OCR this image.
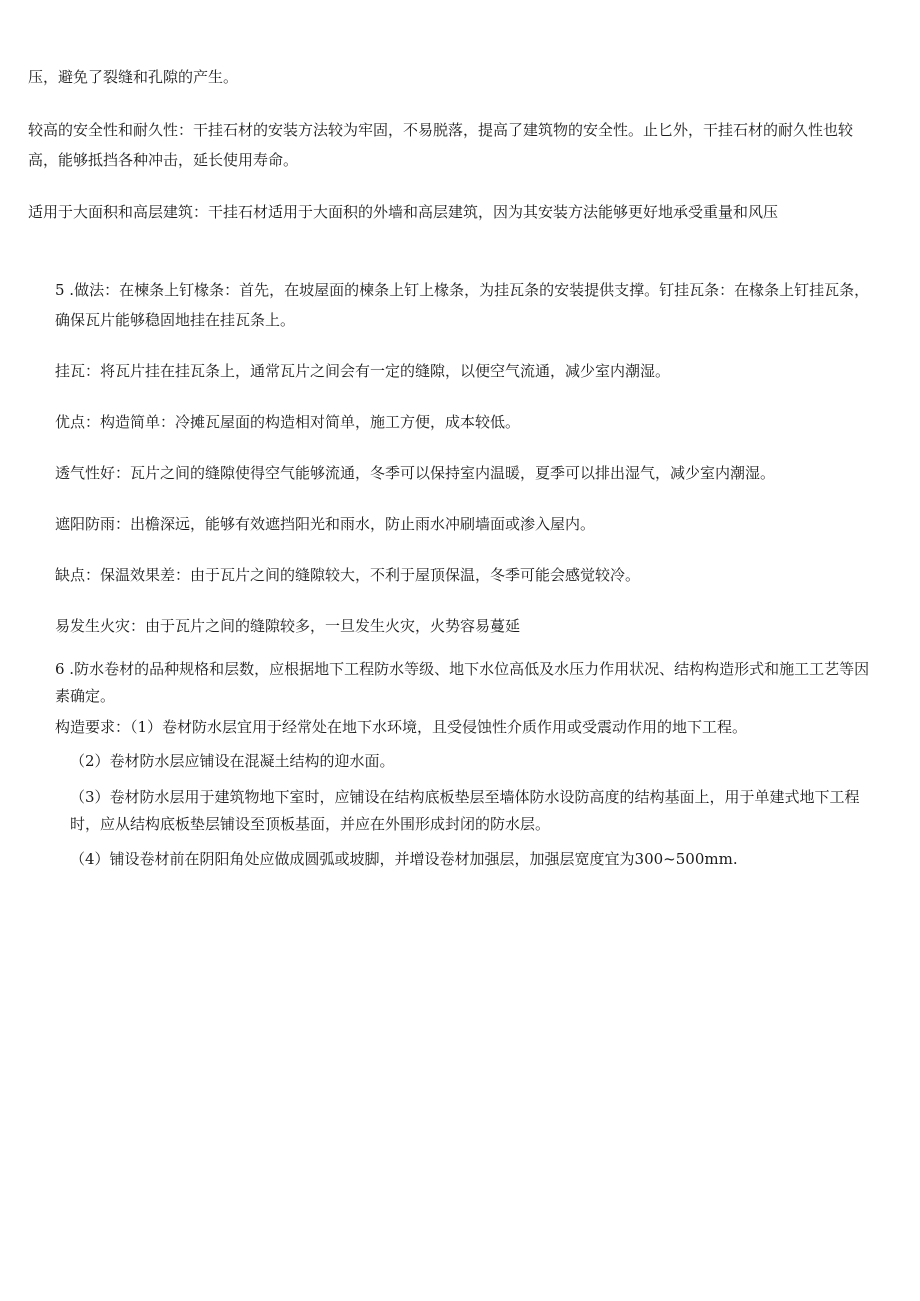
压，避免了裂缝和孔隙的产生。

较高的安全性和耐久性：干挂石材的安装方法较为牢固，不易脱落，提高了建筑物的安全性。止匕外，干挂石材的耐久性也较高，能够抵挡各种冲击，延长使用寿命。

适用于大面积和高层建筑：干挂石材适用于大面积的外墙和高层建筑，因为其安装方法能够更好地承受重量和风压

5 .做法：在楝条上钉椽条：首先，在坡屋面的楝条上钉上椽条，为挂瓦条的安装提供支撑。钉挂瓦条：在椽条上钉挂瓦条，确保瓦片能够稳固地挂在挂瓦条上。

挂瓦：将瓦片挂在挂瓦条上，通常瓦片之间会有一定的缝隙，以便空气流通，减少室内潮湿。

优点：构造简单：冷摊瓦屋面的构造相对简单，施工方便，成本较低。

透气性好：瓦片之间的缝隙使得空气能够流通，冬季可以保持室内温暖，夏季可以排出湿气，减少室内潮湿。

遮阳防雨：出檐深远，能够有效遮挡阳光和雨水，防止雨水冲刷墙面或渗入屋内。

缺点：保温效果差：由于瓦片之间的缝隙较大，不利于屋顶保温，冬季可能会感觉较冷。

易发生火灾：由于瓦片之间的缝隙较多，一旦发生火灾，火势容易蔓延

6 .防水卷材的品种规格和层数，应根据地下工程防水等级、地下水位高低及水压力作用状况、结构构造形式和施工工艺等因素确定。

构造要求：（1）卷材防水层宜用于经常处在地下水环境，且受侵蚀性介质作用或受震动作用的地下工程。

（2）卷材防水层应铺设在混凝土结构的迎水面。

（3）卷材防水层用于建筑物地下室时，应铺设在结构底板垫层至墙体防水设防高度的结构基面上，用于单建式地下工程时，应从结构底板垫层铺设至顶板基面，并应在外围形成封闭的防水层。

（4）铺设卷材前在阴阳角处应做成圆弧或坡脚，并增设卷材加强层，加强层宽度宜为300~500mm.
